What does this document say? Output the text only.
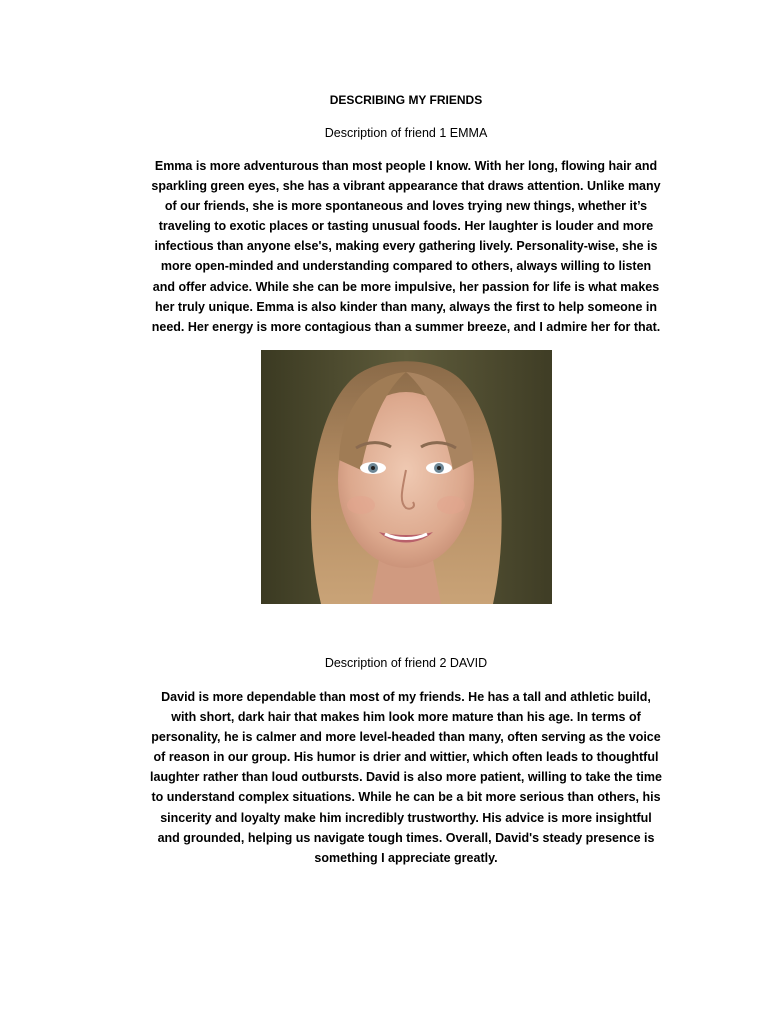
DESCRIBING MY FRIENDS
Description of friend 1 EMMA
Emma is more adventurous than most people I know. With her long, flowing hair and sparkling green eyes, she has a vibrant appearance that draws attention. Unlike many of our friends, she is more spontaneous and loves trying new things, whether it’s traveling to exotic places or tasting unusual foods. Her laughter is louder and more infectious than anyone else's, making every gathering lively. Personality-wise, she is more open-minded and understanding compared to others, always willing to listen and offer advice. While she can be more impulsive, her passion for life is what makes her truly unique. Emma is also kinder than many, always the first to help someone in need. Her energy is more contagious than a summer breeze, and I admire her for that.
Description of friend 2 DAVID
David is more dependable than most of my friends. He has a tall and athletic build, with short, dark hair that makes him look more mature than his age. In terms of personality, he is calmer and more level-headed than many, often serving as the voice of reason in our group. His humor is drier and wittier, which often leads to thoughtful laughter rather than loud outbursts. David is also more patient, willing to take the time to understand complex situations. While he can be a bit more serious than others, his sincerity and loyalty make him incredibly trustworthy. His advice is more insightful and grounded, helping us navigate tough times. Overall, David's steady presence is something I appreciate greatly.
